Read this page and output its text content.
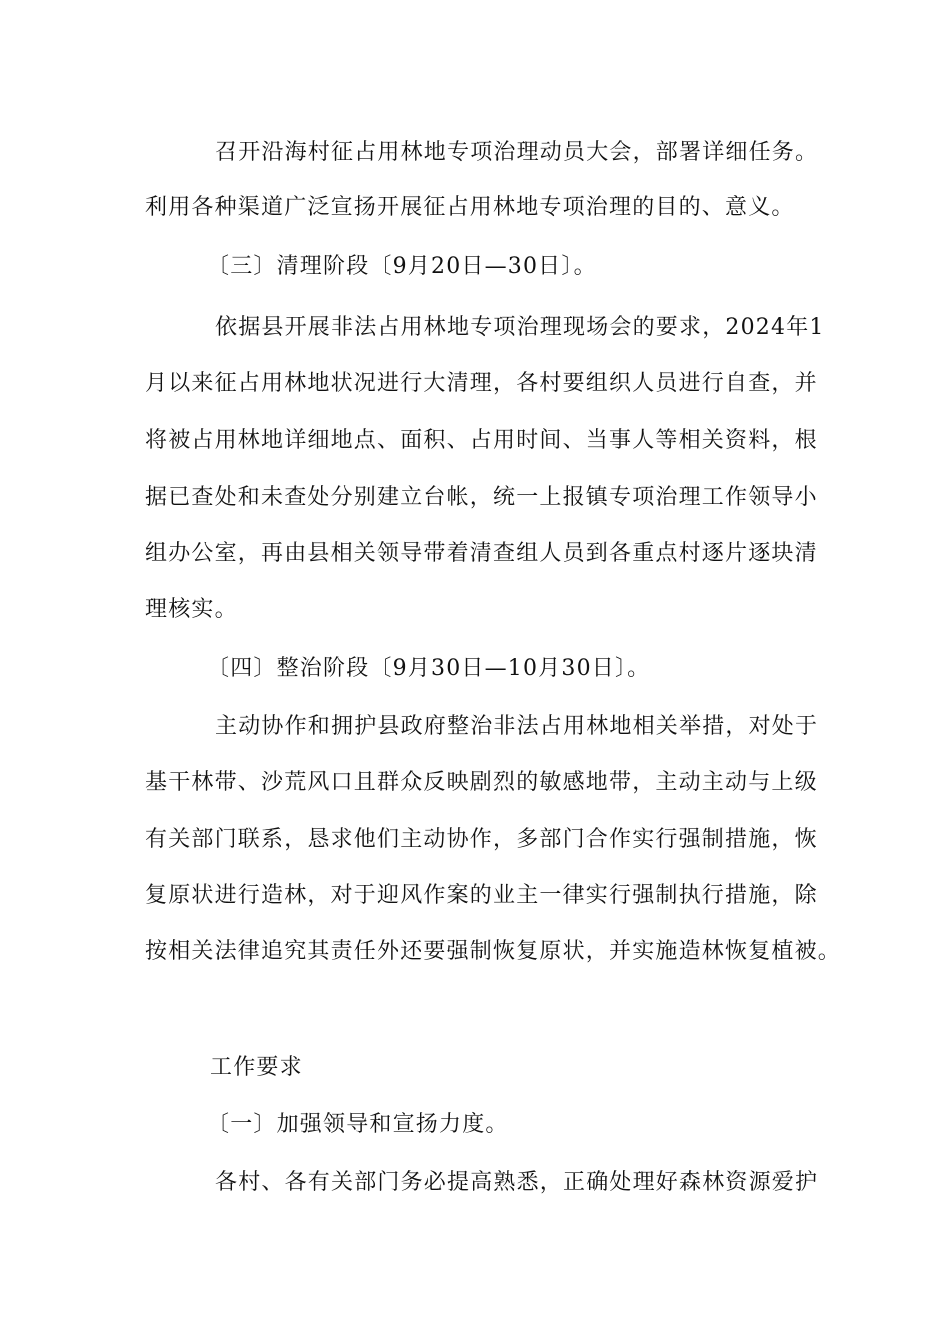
召开沿海村征占用林地专项治理动员大会，部署详细任务。
利用各种渠道广泛宣扬开展征占用林地专项治理的目的、意义。
〔三〕清理阶段〔9月20日—30日〕。
依据县开展非法占用林地专项治理现场会的要求，2024年1
月以来征占用林地状况进行大清理，各村要组织人员进行自查，并
将被占用林地详细地点、面积、占用时间、当事人等相关资料，根
据已查处和未查处分别建立台帐，统一上报镇专项治理工作领导小
组办公室，再由县相关领导带着清查组人员到各重点村逐片逐块清
理核实。
〔四〕整治阶段〔9月30日—10月30日〕。
主动协作和拥护县政府整治非法占用林地相关举措，对处于
基干林带、沙荒风口且群众反映剧烈的敏感地带，主动主动与上级
有关部门联系，恳求他们主动协作，多部门合作实行强制措施，恢
复原状进行造林，对于迎风作案的业主一律实行强制执行措施，除
按相关法律追究其责任外还要强制恢复原状，并实施造林恢复植被。
工作要求
〔一〕加强领导和宣扬力度。
各村、各有关部门务必提高熟悉，正确处理好森林资源爱护
